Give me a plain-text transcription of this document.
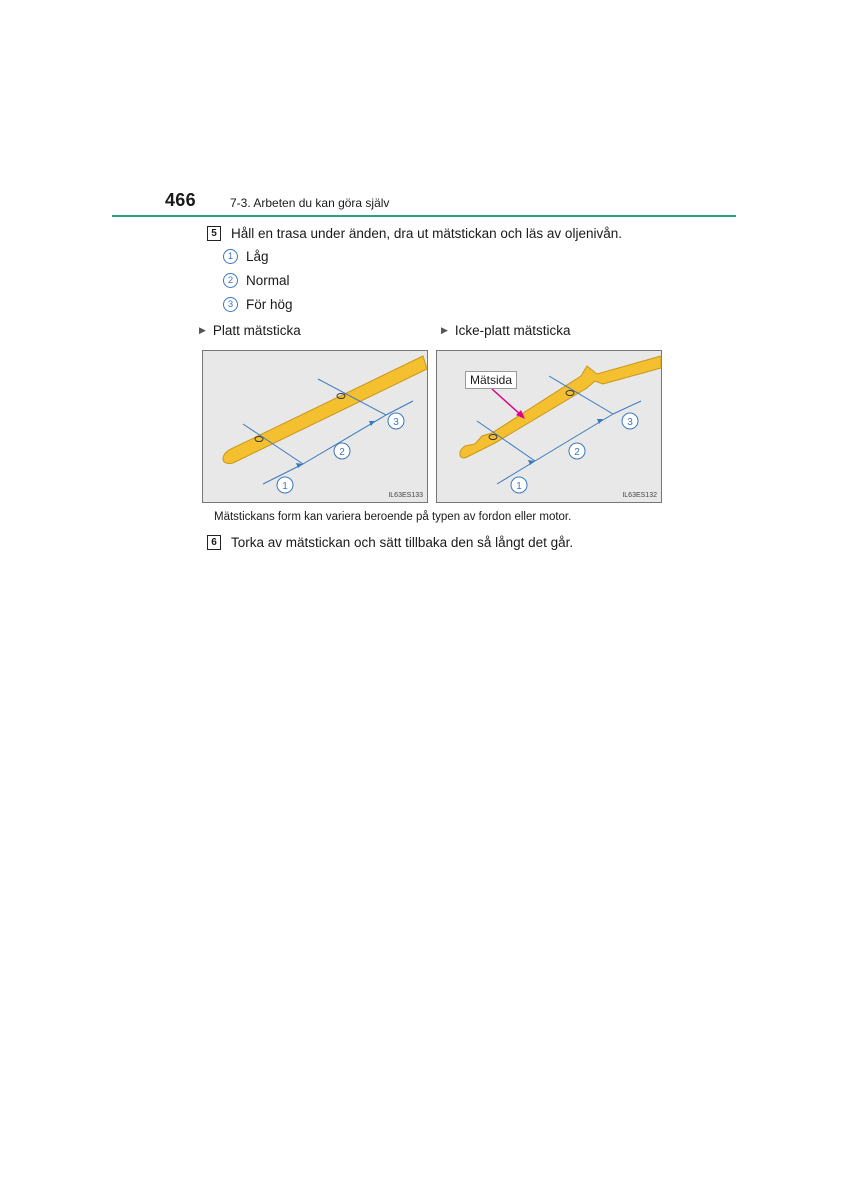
466	7-3. Arbeten du kan göra själv
5	Håll en trasa under änden, dra ut mätstickan och läs av oljenivån.
1 Låg
2 Normal
3 För hög
▶ Platt mätsticka	▶ Icke-platt mätsticka
1
2
3
IL63ES133
1
2
3
Mätsida
IL63ES132
Mätstickans form kan variera beroende på typen av fordon eller motor.
6	Torka av mätstickan och sätt tillbaka den så långt det går.
